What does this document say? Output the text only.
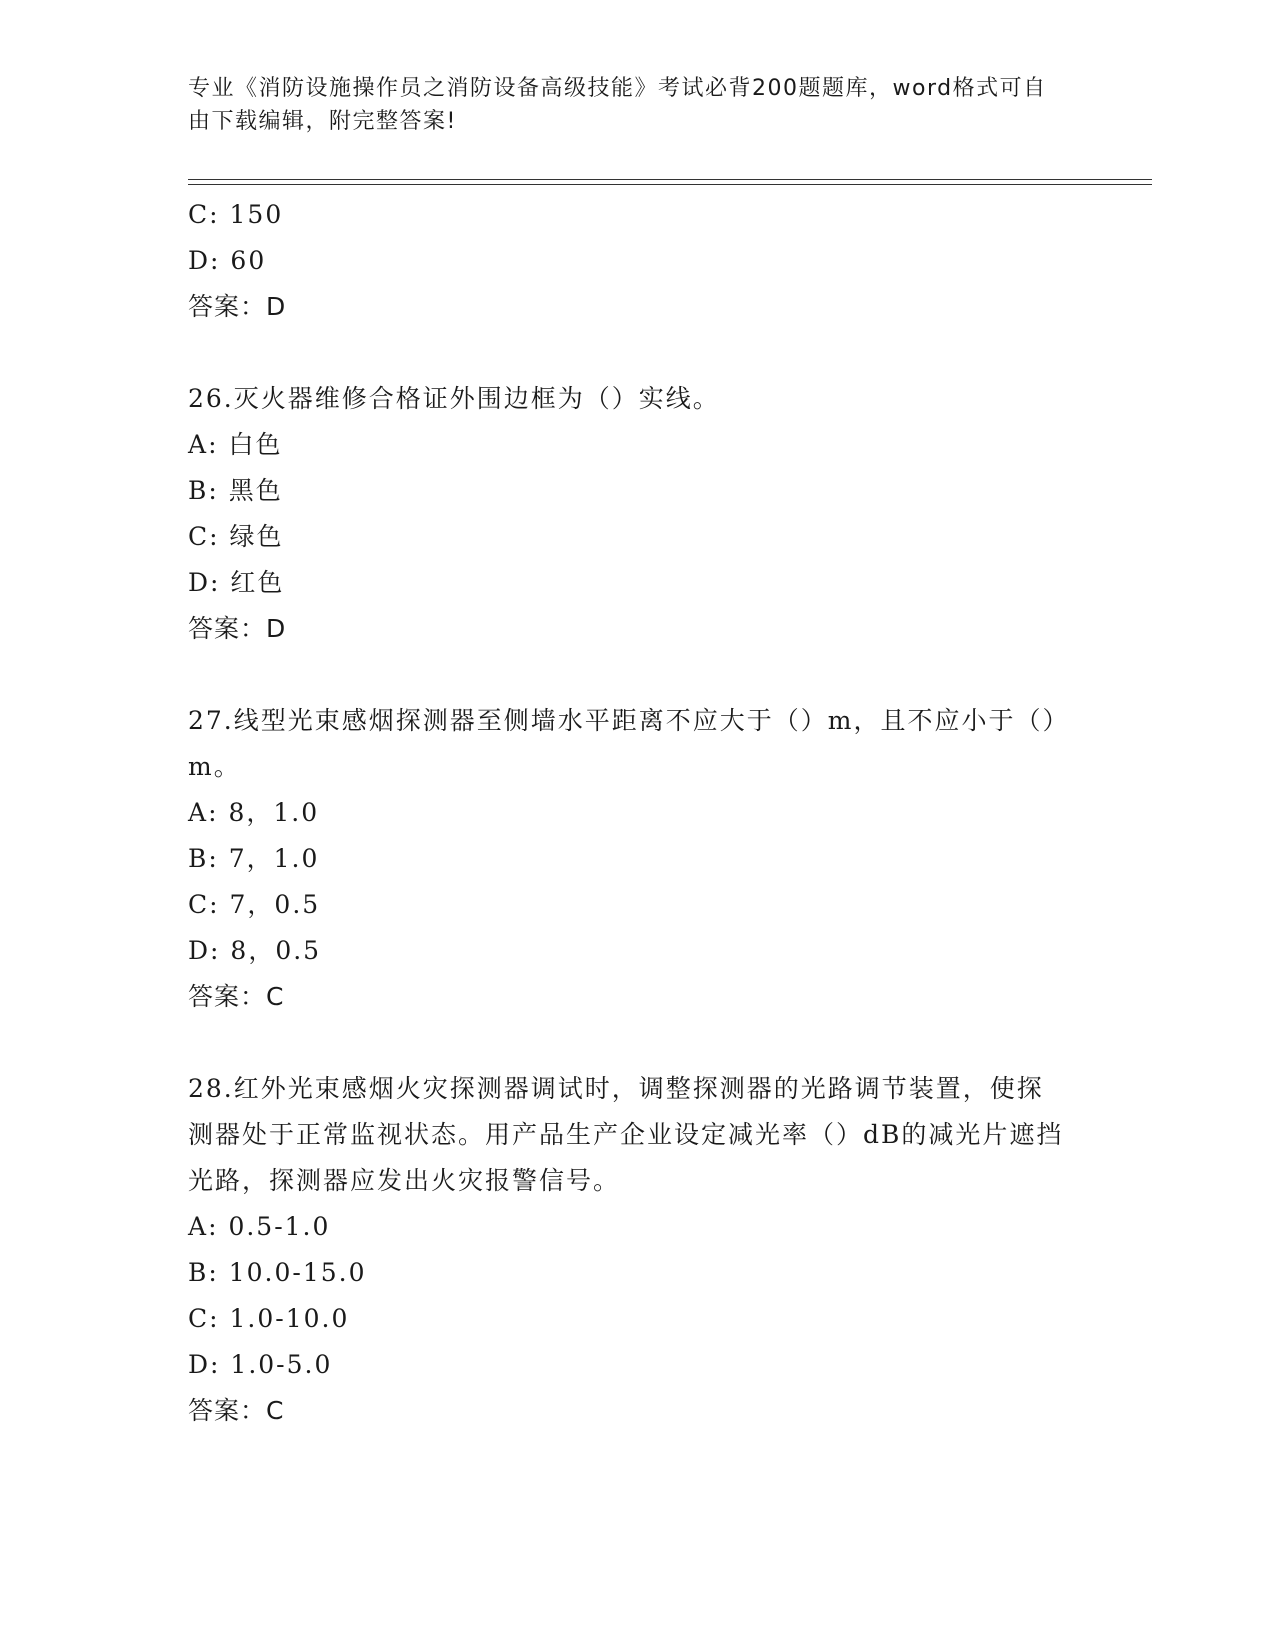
专业《消防设施操作员之消防设备高级技能》考试必背200题题库，word格式可自由下载编辑，附完整答案!
C: 150
D: 60
答案：D
26.灭火器维修合格证外围边框为（）实线。
A: 白色
B: 黑色
C: 绿色
D: 红色
答案：D
27.线型光束感烟探测器至侧墙水平距离不应大于（）m，且不应小于（）m。
A: 8，1.0
B: 7，1.0
C: 7，0.5
D: 8，0.5
答案：C
28.红外光束感烟火灾探测器调试时，调整探测器的光路调节装置，使探测器处于正常监视状态。用产品生产企业设定减光率（）dB的减光片遮挡光路，探测器应发出火灾报警信号。
A: 0.5-1.0
B: 10.0-15.0
C: 1.0-10.0
D: 1.0-5.0
答案：C
